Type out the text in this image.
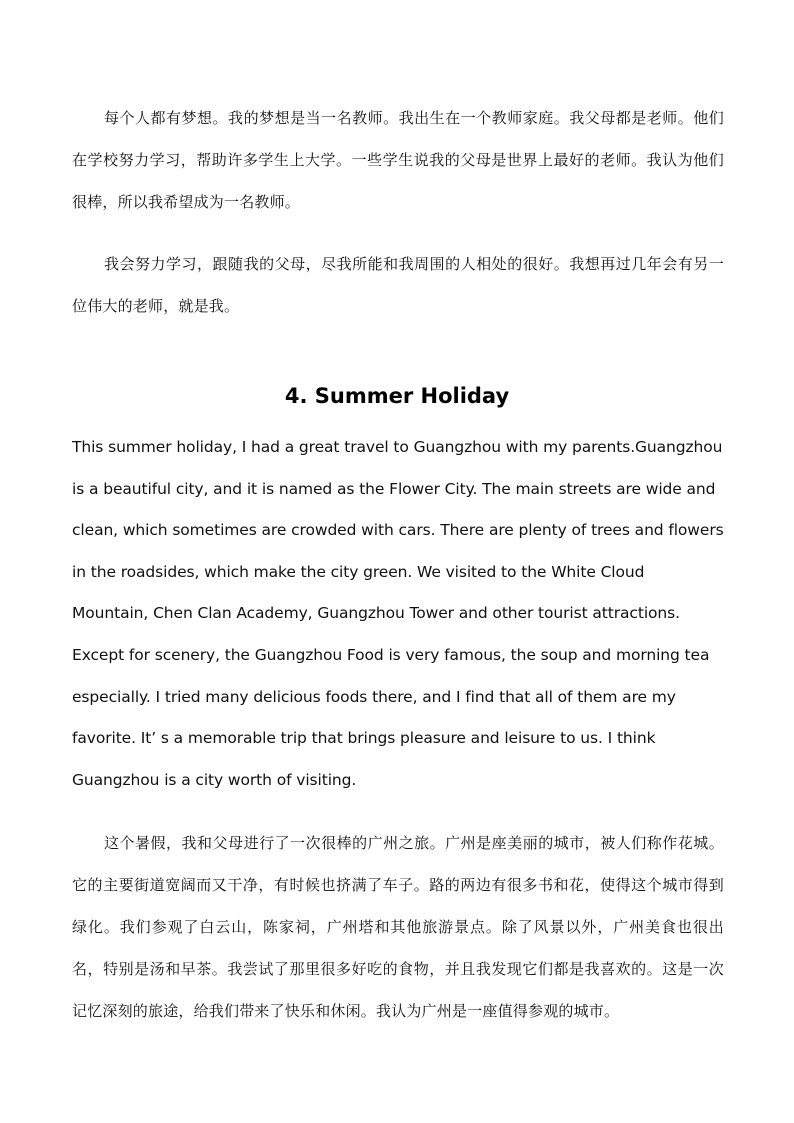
每个人都有梦想。我的梦想是当一名教师。我出生在一个教师家庭。我父母都是老师。他们在学校努力学习，帮助许多学生上大学。一些学生说我的父母是世界上最好的老师。我认为他们很棒，所以我希望成为一名教师。

我会努力学习，跟随我的父母，尽我所能和我周围的人相处的很好。我想再过几年会有另一位伟大的老师，就是我。

4. Summer Holiday
This summer holiday, I had a great travel to Guangzhou with my parents.Guangzhou
is a beautiful city, and it is named as the Flower City. The main streets are wide and
clean, which sometimes are crowded with cars. There are plenty of trees and flowers
in the roadsides, which make the city green. We visited to the White Cloud
Mountain, Chen Clan Academy, Guangzhou Tower and other tourist attractions.
Except for scenery, the Guangzhou Food is very famous, the soup and morning tea
especially. I tried many delicious foods there, and I find that all of them are my
favorite. It’ s a memorable trip that brings pleasure and leisure to us. I think
Guangzhou is a city worth of visiting.

这个暑假，我和父母进行了一次很棒的广州之旅。广州是座美丽的城市，被人们称作花城。它的主要街道宽阔而又干净，有时候也挤满了车子。路的两边有很多书和花，使得这个城市得到绿化。我们参观了白云山，陈家祠，广州塔和其他旅游景点。除了风景以外，广州美食也很出名，特别是汤和早茶。我尝试了那里很多好吃的食物，并且我发现它们都是我喜欢的。这是一次记忆深刻的旅途，给我们带来了快乐和休闲。我认为广州是一座值得参观的城市。
